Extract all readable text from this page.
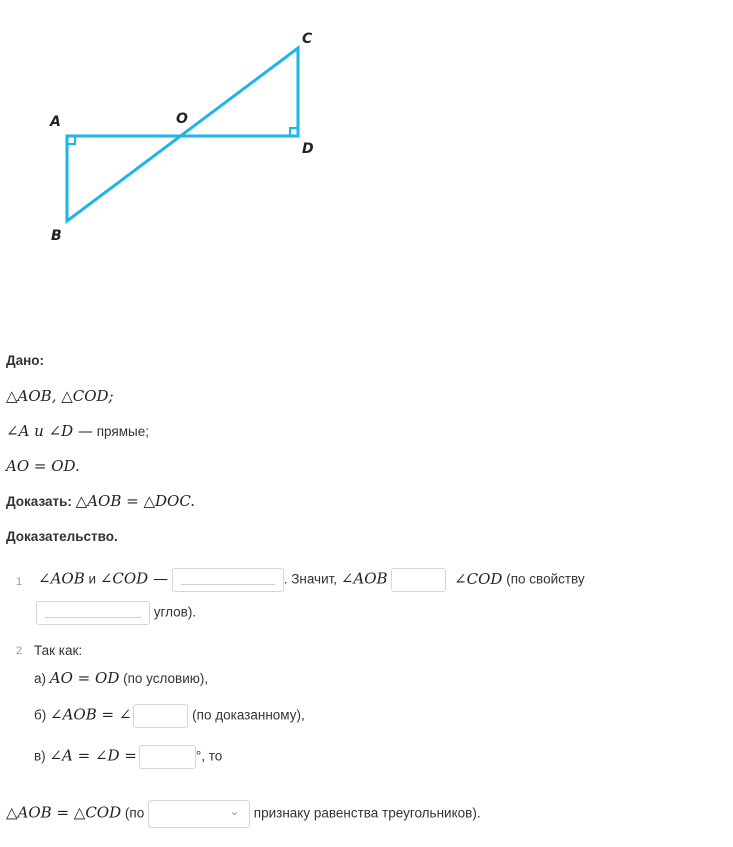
A	O
C
D
B
Дано:
△AOB, △COD;
∠A и ∠D — прямые;
AO = OD.
Доказать: △AOB = △DOC.
Доказательство.
1 ∠AOB и ∠COD —	. Значит, ∠AOB	∠COD (по свойству
углов).
2 Так как:
а) AO = OD (по условию),
б) ∠AOB = ∠	(по доказанному),
в) ∠A = ∠D =	°, то
△AOB = △COD (по	⌄ признаку равенства треугольников).
